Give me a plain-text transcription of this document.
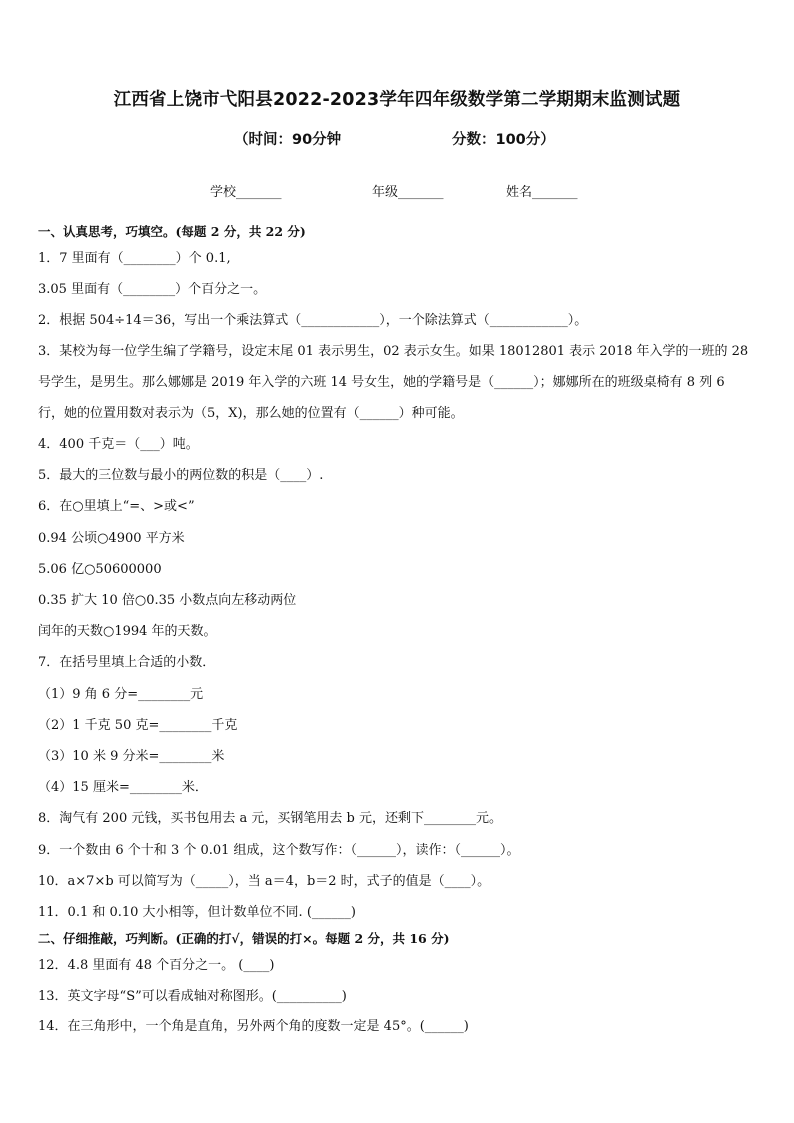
江西省上饶市弋阳县2022-2023学年四年级数学第二学期期末监测试题
（时间：90分钟	分数：100分）
学校_______	年级_______	姓名_______
一、认真思考，巧填空。(每题 2 分，共 22 分)
1．7 里面有（________）个 0.1,
3.05 里面有（________）个百分之一。
2．根据 504÷14＝36，写出一个乘法算式（____________），一个除法算式（____________）。
3．某校为每一位学生编了学籍号，设定末尾 01 表示男生，02 表示女生。如果 18012801 表示 2018 年入学的一班的 28
号学生，是男生。那么娜娜是 2019 年入学的六班 14 号女生，她的学籍号是（______）；娜娜所在的班级桌椅有 8 列 6
行，她的位置用数对表示为（5，X)，那么她的位置有（______）种可能。
4．400 千克＝（___）吨。
5．最大的三位数与最小的两位数的积是（____）.
6．在○里填上“=、>或<”
0.94 公顷○4900 平方米
5.06 亿○50600000
0.35 扩大 10 倍○0.35 小数点向左移动两位
闰年的天数○1994 年的天数。
7．在括号里填上合适的小数．
（1）9 角 6 分=________元
（2）1 千克 50 克=________千克
（3）10 米 9 分米=________米
（4）15 厘米=________米．
8．淘气有 200 元钱，买书包用去 a 元，买钢笔用去 b 元，还剩下________元。
9．一个数由 6 个十和 3 个 0.01 组成，这个数写作：（______），读作：（______）。
10．a×7×b 可以简写为（_____），当 a＝4，b＝2 时，式子的值是（____）。
11．0.1 和 0.10 大小相等，但计数单位不同. (______)
二、仔细推敲，巧判断。(正确的打√，错误的打×。每题 2 分，共 16 分)
12．4.8 里面有 48 个百分之一。 (____)
13．英文字母“S”可以看成轴对称图形。(__________)
14．在三角形中，一个角是直角，另外两个角的度数一定是 45°。(______)
